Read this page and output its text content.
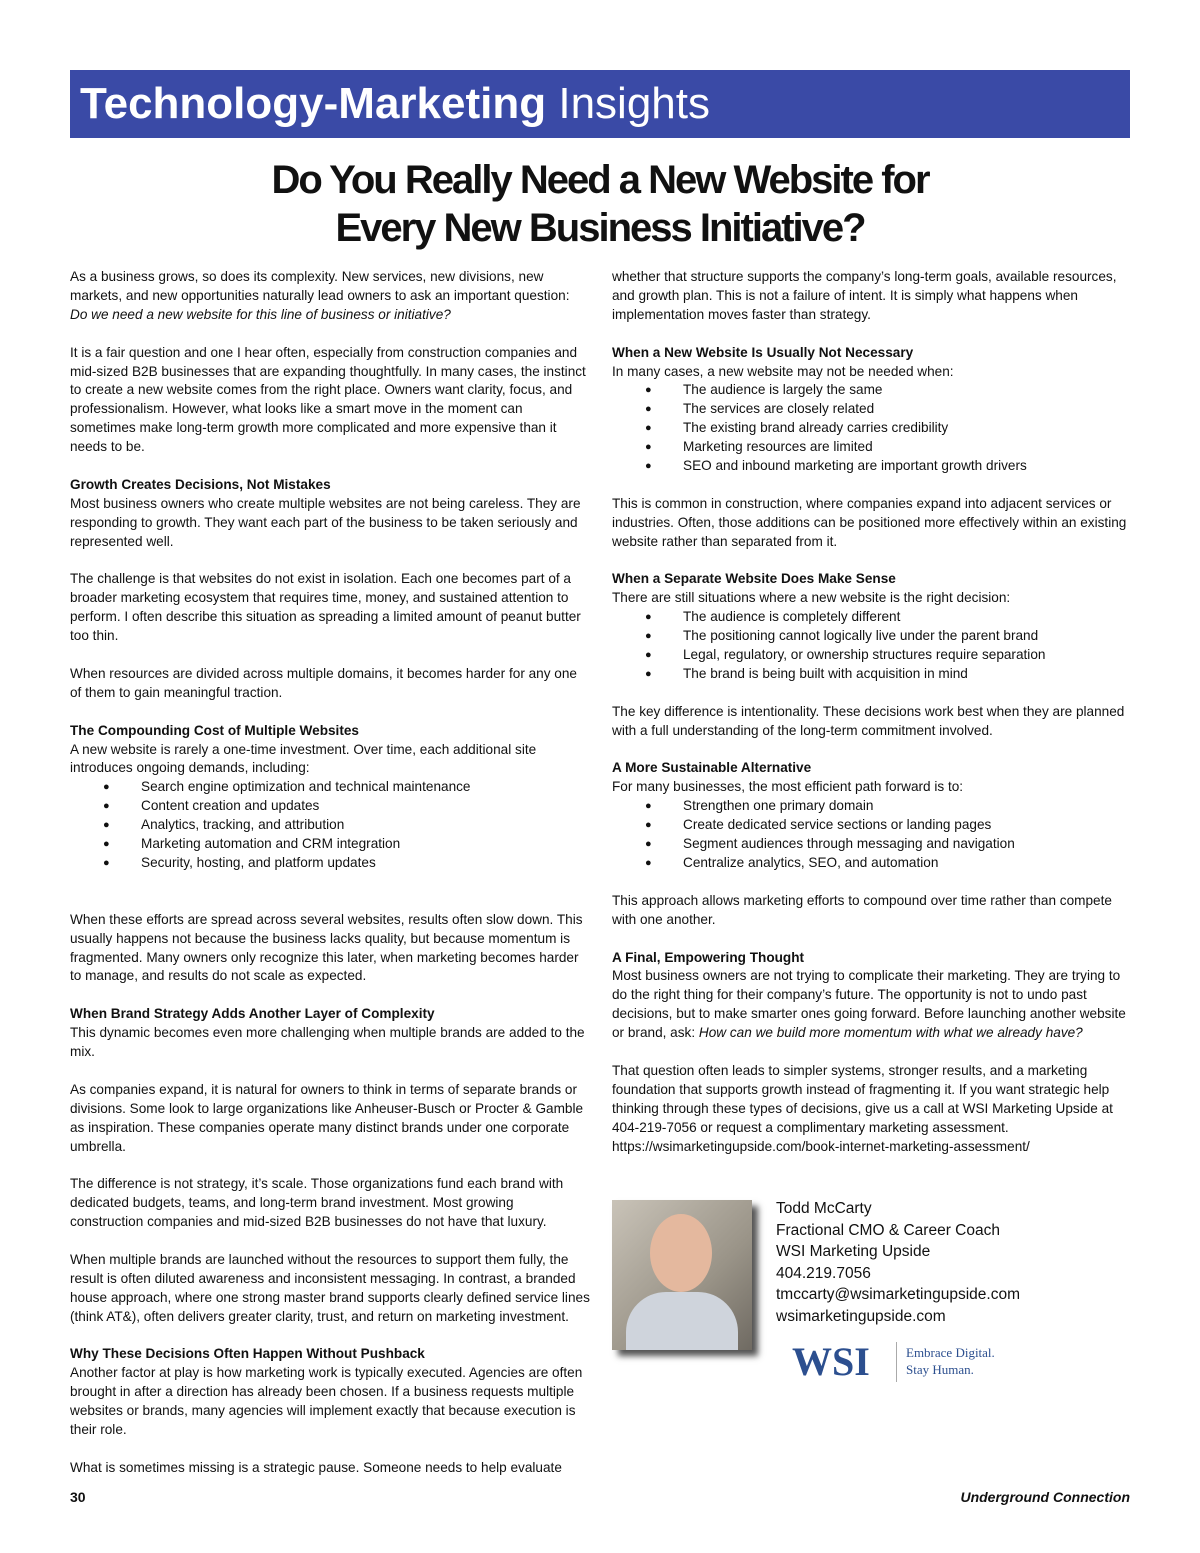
Technology-Marketing Insights
Do You Really Need a New Website for
Every New Business Initiative?

As a business grows, so does its complexity. New services, new divisions, new markets, and new opportunities naturally lead owners to ask an important question: Do we need a new website for this line of business or initiative?

It is a fair question and one I hear often, especially from construction companies and mid-sized B2B businesses that are expanding thoughtfully. In many cases, the instinct to create a new website comes from the right place. Owners want clarity, focus, and professionalism. However, what looks like a smart move in the moment can sometimes make long-term growth more complicated and more expensive than it needs to be.

Growth Creates Decisions, Not Mistakes

Most business owners who create multiple websites are not being careless. They are responding to growth. They want each part of the business to be taken seriously and represented well.

The challenge is that websites do not exist in isolation. Each one becomes part of a broader marketing ecosystem that requires time, money, and sustained attention to perform. I often describe this situation as spreading a limited amount of peanut butter too thin.

When resources are divided across multiple domains, it becomes harder for any one of them to gain meaningful traction.

The Compounding Cost of Multiple Websites
A new website is rarely a one-time investment. Over time, each additional site introduces ongoing demands, including:
● Search engine optimization and technical maintenance
● Content creation and updates
● Analytics, tracking, and attribution
● Marketing automation and CRM integration
● Security, hosting, and platform updates

When these efforts are spread across several websites, results often slow down. This usually happens not because the business lacks quality, but because momentum is fragmented. Many owners only recognize this later, when marketing becomes harder to manage, and results do not scale as expected.

When Brand Strategy Adds Another Layer of Complexity

This dynamic becomes even more challenging when multiple brands are added to the mix.

As companies expand, it is natural for owners to think in terms of separate brands or divisions. Some look to large organizations like Anheuser-Busch or Procter & Gamble as inspiration. These companies operate many distinct brands under one corporate umbrella.

The difference is not strategy, it’s scale. Those organizations fund each brand with dedicated budgets, teams, and long-term brand investment. Most growing construction companies and mid-sized B2B businesses do not have that luxury.

When multiple brands are launched without the resources to support them fully, the result is often diluted awareness and inconsistent messaging. In contrast, a branded house approach, where one strong master brand supports clearly defined service lines (think AT&), often delivers greater clarity, trust, and return on marketing investment.

Why These Decisions Often Happen Without Pushback

Another factor at play is how marketing work is typically executed. Agencies are often brought in after a direction has already been chosen. If a business requests multiple websites or brands, many agencies will implement exactly that because execution is their role.

What is sometimes missing is a strategic pause. Someone needs to help evaluate

whether that structure supports the company’s long-term goals, available resources, and growth plan. This is not a failure of intent. It is simply what happens when implementation moves faster than strategy.

When a New Website Is Usually Not Necessary
In many cases, a new website may not be needed when:
● The audience is largely the same
● The services are closely related
● The existing brand already carries credibility
● Marketing resources are limited
● SEO and inbound marketing are important growth drivers

This is common in construction, where companies expand into adjacent services or industries. Often, those additions can be positioned more effectively within an existing website rather than separated from it.

When a Separate Website Does Make Sense
There are still situations where a new website is the right decision:
● The audience is completely different
● The positioning cannot logically live under the parent brand
● Legal, regulatory, or ownership structures require separation
● The brand is being built with acquisition in mind

The key difference is intentionality. These decisions work best when they are planned with a full understanding of the long-term commitment involved.

A More Sustainable Alternative
For many businesses, the most efficient path forward is to:
● Strengthen one primary domain
● Create dedicated service sections or landing pages
● Segment audiences through messaging and navigation
● Centralize analytics, SEO, and automation

This approach allows marketing efforts to compound over time rather than compete with one another.

A Final, Empowering Thought

Most business owners are not trying to complicate their marketing. They are trying to do the right thing for their company’s future. The opportunity is not to undo past decisions, but to make smarter ones going forward. Before launching another website or brand, ask: How can we build more momentum with what we already have?

That question often leads to simpler systems, stronger results, and a marketing foundation that supports growth instead of fragmenting it. If you want strategic help thinking through these types of decisions, give us a call at WSI Marketing Upside at 404-219-7056 or request a complimentary marketing assessment. https://wsimarketingupside.com/book-internet-marketing-assessment/

Todd McCarty
Fractional CMO & Career Coach
WSI Marketing Upside
404.219.7056
tmccarty@wsimarketingupside.com
wsimarketingupside.com
WSI	Embrace Digital.
Stay Human.
30	Underground Connection
